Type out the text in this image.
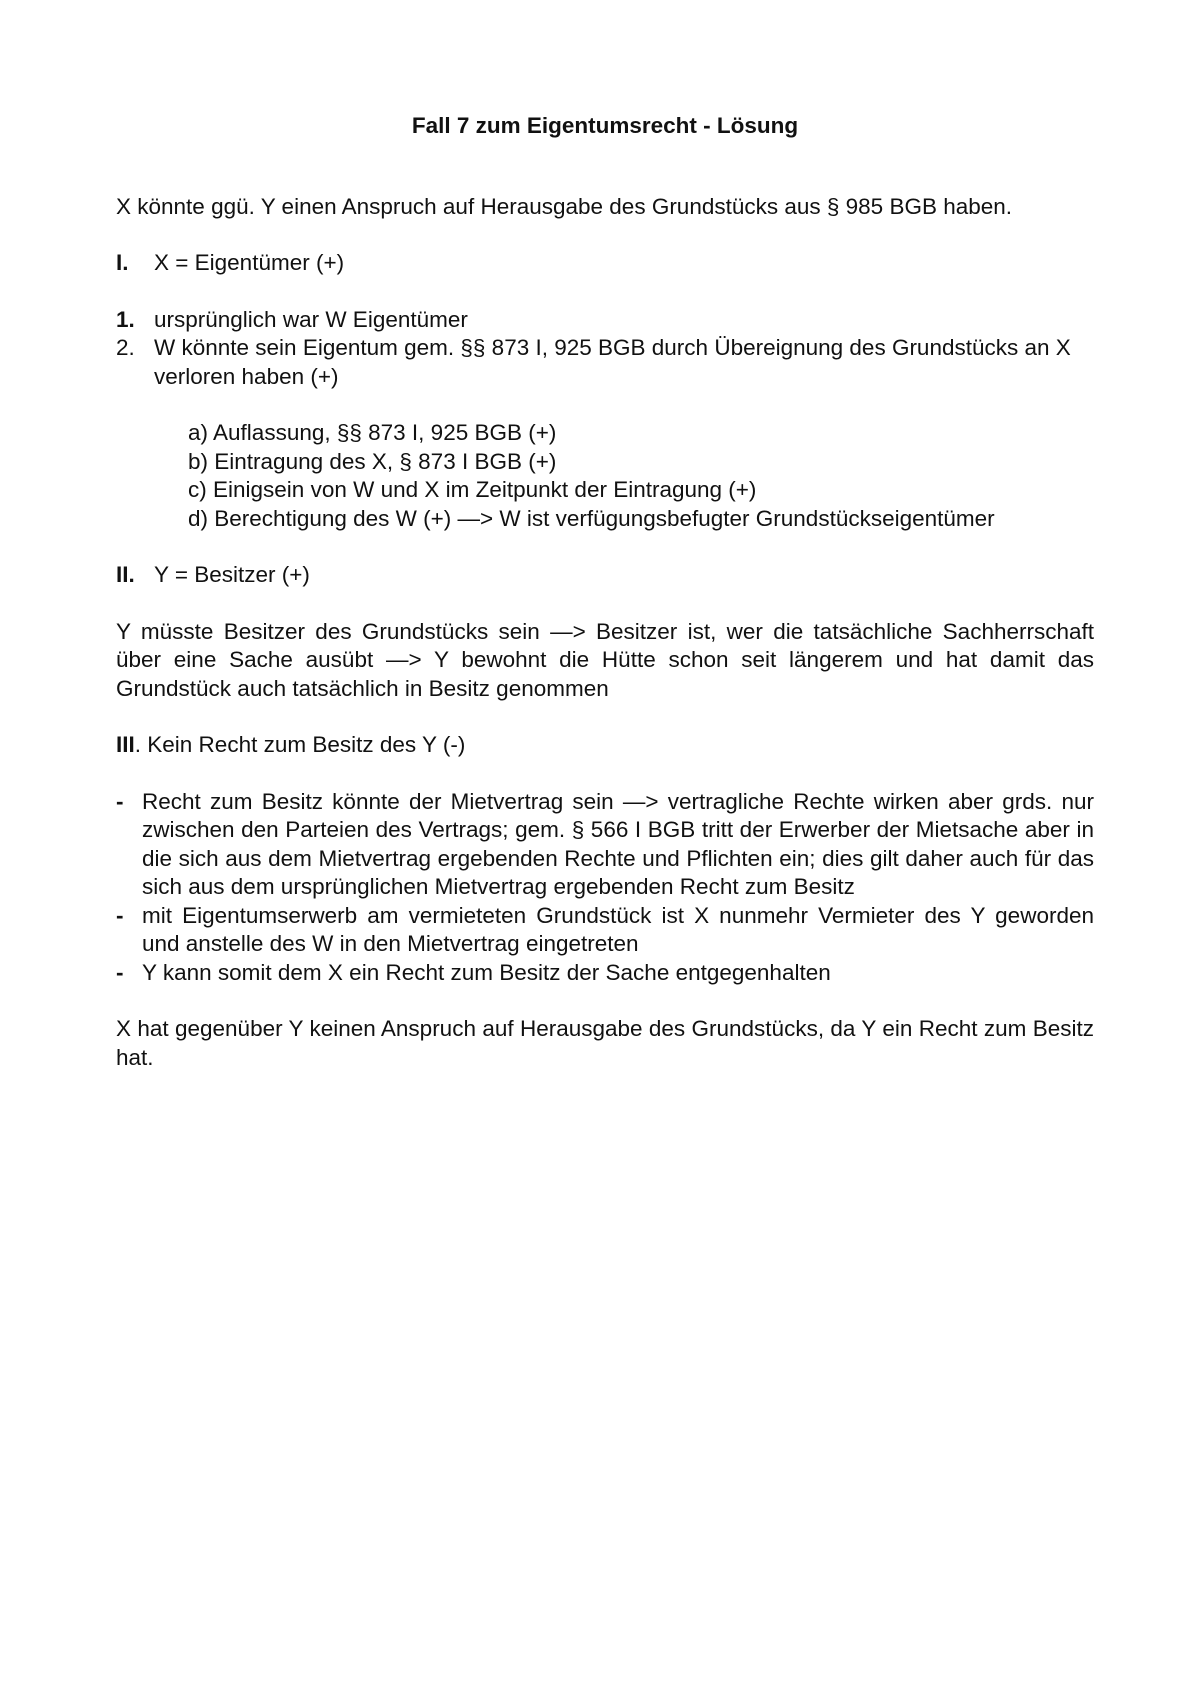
Fall 7 zum Eigentumsrecht - Lösung

X könnte ggü. Y einen Anspruch auf Herausgabe des Grundstücks aus § 985 BGB haben.

I.	X = Eigentümer (+)
1. ursprünglich war W Eigentümer
2. W könnte sein Eigentum gem. §§ 873 I, 925 BGB durch Übereignung des Grundstücks an X verloren haben (+)
a) Auflassung, §§ 873 I, 925 BGB (+)
b) Eintragung des X, § 873 I BGB (+)
c) Einigsein von W und X im Zeitpunkt der Eintragung (+)
d) Berechtigung des W (+) —> W ist verfügungsbefugter Grundstückseigentümer
II. Y = Besitzer (+)

Y müsste Besitzer des Grundstücks sein —> Besitzer ist, wer die tatsächliche Sachherrschaft über eine Sache ausübt —> Y bewohnt die Hütte schon seit längerem und hat damit das Grundstück auch tatsächlich in Besitz genommen

III. Kein Recht zum Besitz des Y (-)

- Recht zum Besitz könnte der Mietvertrag sein —> vertragliche Rechte wirken aber grds. nur zwischen den Parteien des Vertrags; gem. § 566 I BGB tritt der Erwerber der Mietsache aber in die sich aus dem Mietvertrag ergebenden Rechte und Pflichten ein; dies gilt daher auch für das sich aus dem ursprünglichen Mietvertrag ergebenden Recht zum Besitz
- mit Eigentumserwerb am vermieteten Grundstück ist X nunmehr Vermieter des Y geworden und anstelle des W in den Mietvertrag eingetreten
- Y kann somit dem X ein Recht zum Besitz der Sache entgegenhalten

X hat gegenüber Y keinen Anspruch auf Herausgabe des Grundstücks, da Y ein Recht zum Besitz hat.
